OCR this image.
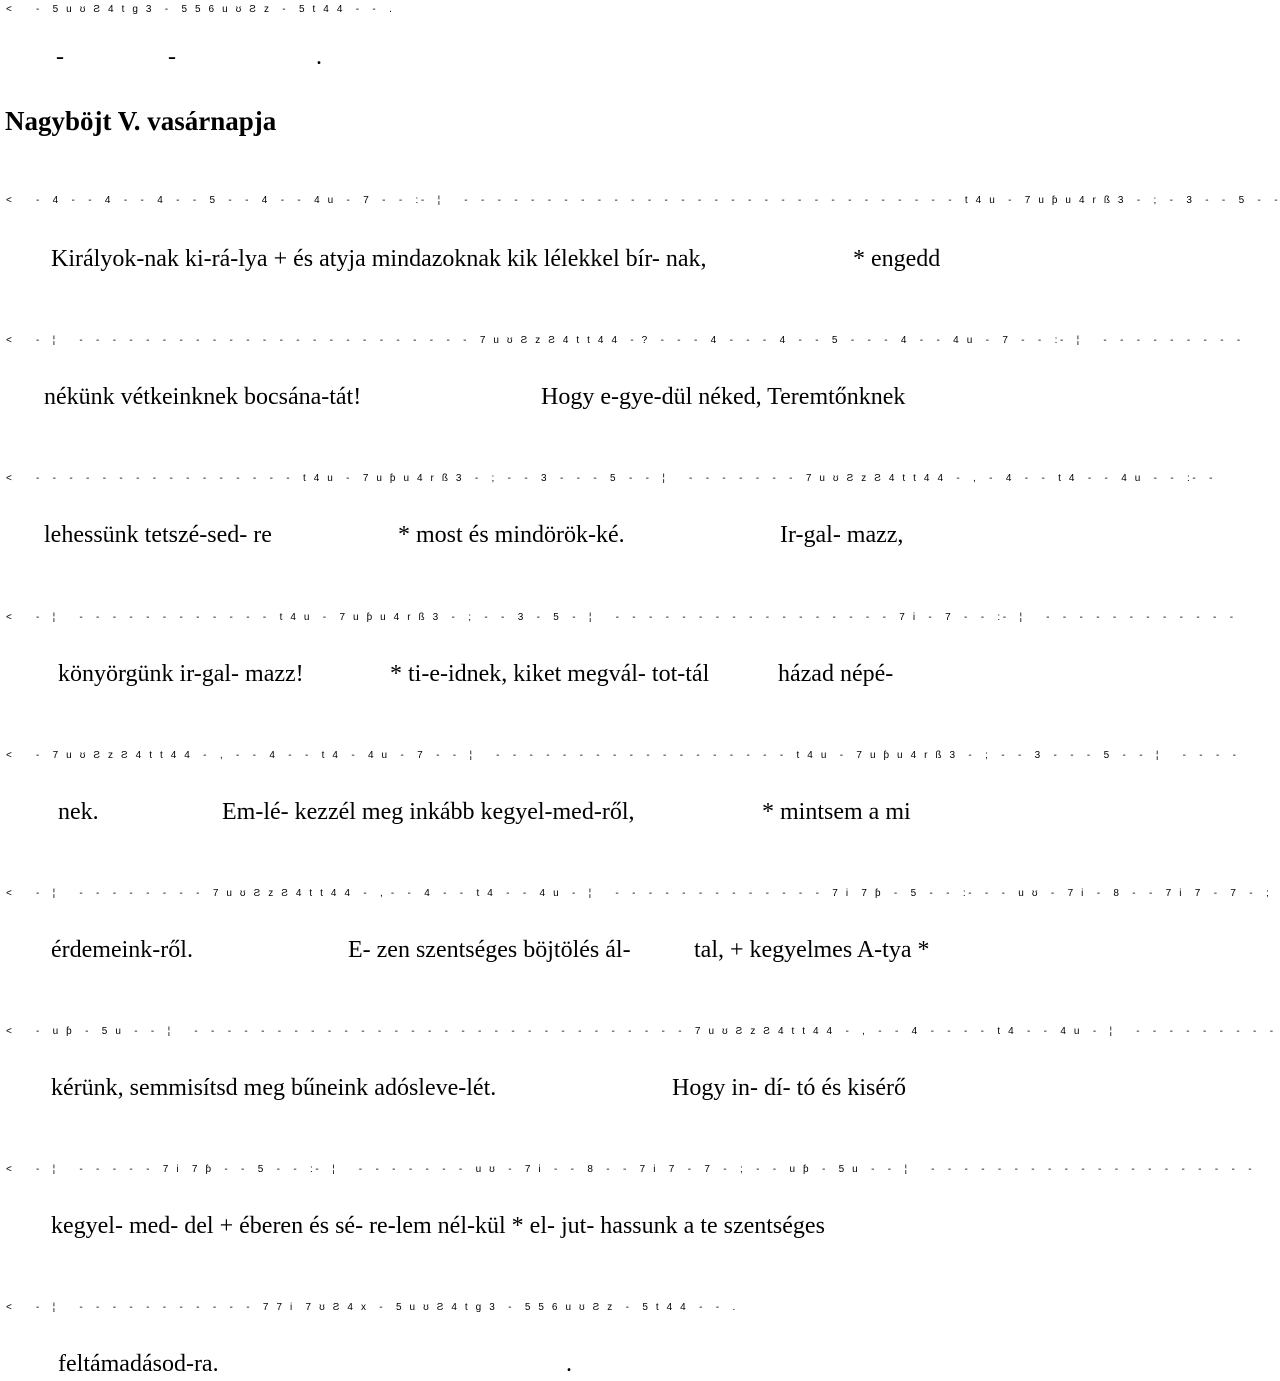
<    -  5 u ʊ Ƨ 4 t g 3  -  5 5 6 u ʊ Ƨ z  -  5 t 4 4  -  -  .
-	-	.
Nagyböjt V. vasárnapja
<    -  4  -  -  4  -  -  4  -  -  5  -  -  4  -  -  4 u  -  7  -  -  :-  ¦    -  -  -  -  -  -  -  -  -  -  -  -  -  -  -  -  -  -  -  -  -  -  -  -  -  -  -  -  -  -  t 4 u  -  7 u ƥ u 4 r ß 3  -  ;  -  3  -  -  5  -  -
Királyok-nak ki-rá-lya + és atyja mindazoknak kik lélekkel bír- nak,	* engedd
<    -  ¦    -  -  -  -  -  -  -  -  -  -  -  -  -  -  -  -  -  -  -  -  -  -  -  -  7 u ʊ Ƨ z Ƨ 4 t t 4 4  - ?  -  -  -  4  -  -  -  4  -  -  5  -  -  -  4  -  -  4 u  -  7  -  -  :-  ¦    -  -  -  -  -  -  -  -  -
nékünk vétkeinknek bocsána-tát!	Hogy e-gye-dül néked, Teremtőnknek
<    -  -  -  -  -  -  -  -  -  -  -  -  -  -  -  -  t 4 u  -  7 u ƥ u 4 r ß 3  -  ;  -  -  3  -  -  -  5  -  -  ¦    -  -  -  -  -  -  -  7 u ʊ Ƨ z Ƨ 4 t t 4 4  -  ,  -  4  -  -  t 4  -  -  4 u  -  -  :-  -
lehessünk tetszé-sed- re	* most és mindörök-ké.	Ir-gal- mazz,
<    -  ¦    -  -  -  -  -  -  -  -  -  -  -  -  t 4 u  -  7 u ƥ u 4 r ß 3  -  ;  -  -  3  -  5  -  ¦    -  -  -  -  -  -  -  -  -  -  -  -  -  -  -  -  -  7 i  -  7  -  -  :-  ¦    -  -  -  -  -  -  -  -  -  -  -  -
könyörgünk ir-gal- mazz!	* ti-e-idnek, kiket megvál- tot-tál	házad népé-
<    -  7 u ʊ Ƨ z Ƨ 4 t t 4 4  -  ,  -  -  4  -  -  t 4  -  4 u  -  7  -  -  ¦    -  -  -  -  -  -  -  -  -  -  -  -  -  -  -  -  -  -  t 4 u  -  7 u ƥ u 4 r ß 3  -  ;  -  -  3  -  -  -  5  -  -  ¦    -  -  -  -
nek.	Em-lé- kezzél meg inkább kegyel-med-ről,	* mintsem a mi
<    -  ¦    -  -  -  -  -  -  -  -  7 u ʊ Ƨ z Ƨ 4 t t 4 4  -  , -  -  4  -  -  t 4  -  -  4 u  -  ¦    -  -  -  -  -  -  -  -  -  -  -  -  -  7 i  7 ƥ  -  5  -  -  :-  -  -  u ʊ  -  7 i  -  8  -  -  7 i  7  -  7  -  ;
érdemeink-ről.	E- zen szentséges böjtölés ál-	tal, + kegyelmes A-tya *
<    -  u ƥ  -  5 u  -  -  ¦    -  -  -  -  -  -  -  -  -  -  -  -  -  -  -  -  -  -  -  -  -  -  -  -  -  -  -  -  -  -  7 u ʊ Ƨ z Ƨ 4 t t 4 4  -  ,  -  -  4  -  -  -  -  t 4  -  -  4 u  -  ¦    -  -  -  -  -  -  -  -  -
kérünk, semmisítsd meg bűneink adósleve-lét.	Hogy in- dí- tó és kisérő
<    -  ¦    -  -  -  -  -  7 i  7 ƥ  -  -  5  -  -  :-  ¦    -  -  -  -  -  -  -  u ʊ  -  7 i  -  -  8  -  -  7 i  7  -  7  -  ;  -  -  u ƥ  -  5 u  -  -  ¦    -  -  -  -  -  -  -  -  -  -  -  -  -  -  -  -  -  -  -  -
kegyel- med- del + éberen és sé- re-lem nél-kül * el- jut- hassunk a te szentséges
<    -  ¦    -  -  -  -  -  -  -  -  -  -  -  7 7 i  7 ʊ Ƨ 4 x  -  5 u ʊ Ƨ 4 t g 3  -  5 5 6 u ʊ Ƨ z  -  5 t 4 4  -  -  .
feltámadásod-ra.	.
